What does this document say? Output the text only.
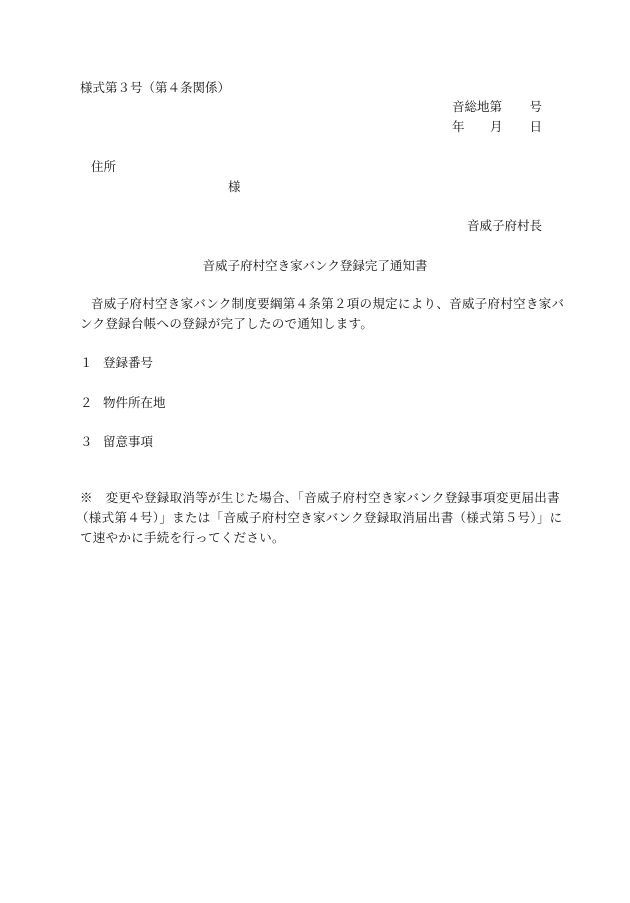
様式第３号（第４条関係）
音総地第 号
年 月 日
住所
様
音威子府村長
音威子府村空き家バンク登録完了通知書
音威子府村空き家バンク制度要綱第４条第２項の規定により、音威子府村空き家バ
ンク登録台帳への登録が完了したので通知します。
１ 登録番号
２ 物件所在地
３ 留意事項
※　変更や登録取消等が生じた場合、「音威子府村空き家バンク登録事項変更届出書
（様式第４号）」または「音威子府村空き家バンク登録取消届出書（様式第５号）」に
て速やかに手続を行ってください。
